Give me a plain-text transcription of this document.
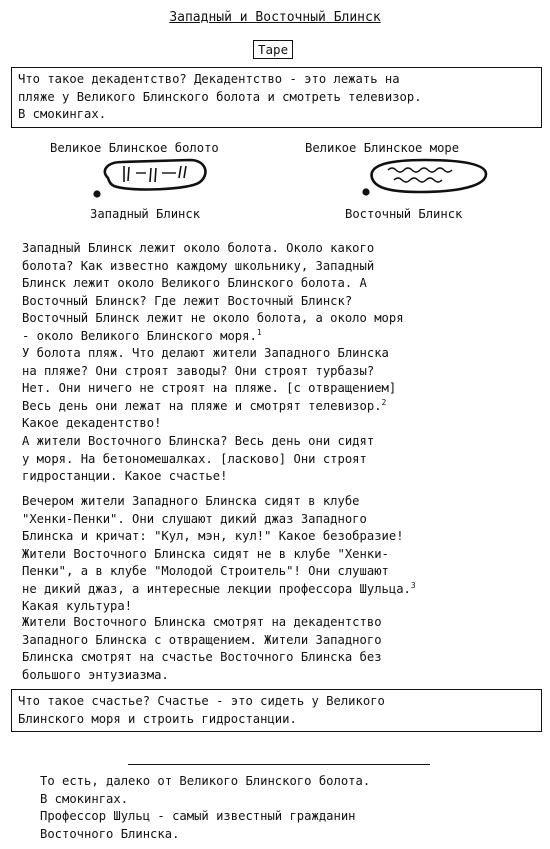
Западный и Восточный Блинск
Tape

Что такое декадентство? Декадентство - это лежать на
пляже у Великого Блинского болота и смотреть телевизор.
В смокингах.

Великое Блинское болото	Великое Блинское море
Западный Блинск	Восточный Блинск

Западный Блинск лежит около болота. Около какого
болота? Как известно каждому школьнику, Западный
Блинск лежит около Великого Блинского болота. А
Восточный Блинск? Где лежит Восточный Блинск?
Восточный Блинск лежит не около болота, а около моря
- около Великого Блинского моря.$^1$

У болота пляж. Что делают жители Западного Блинска
на пляже? Они строят заводы? Они строят турбазы?
Нет. Они ничего не строят на пляже. [с отвращением]
Весь день они лежат на пляже и смотрят телевизор.$^2$
Какое декадентство!

А жители Восточного Блинска? Весь день они сидят
у моря. На бетономешалках. [ласково] Они строят
гидростанции. Какое счастье!

Вечером жители Западного Блинска сидят в клубе
"Хенки-Пенки". Они слушают дикий джаз Западного
Блинска и кричат: "Кул, мэн, кул!" Какое безобразие!
Жители Восточного Блинска сидят не в клубе "Хенки-
Пенки", а в клубе "Молодой Строитель"! Они слушают
не дикий джаз, а интересные лекции профессора Шульца.$^3$
Какая культура!

Жители Восточного Блинска смотрят на декадентство
Западного Блинска с отвращением. Жители Западного
Блинска смотрят на счастье Восточного Блинска без
большого энтузиазма.

Что такое счастье? Счастье - это сидеть у Великого
Блинского моря и строить гидростанции.

То есть, далеко от Великого Блинского болота.
В смокингах.
Профессор Шульц - самый известный гражданин
Восточного Блинска.
